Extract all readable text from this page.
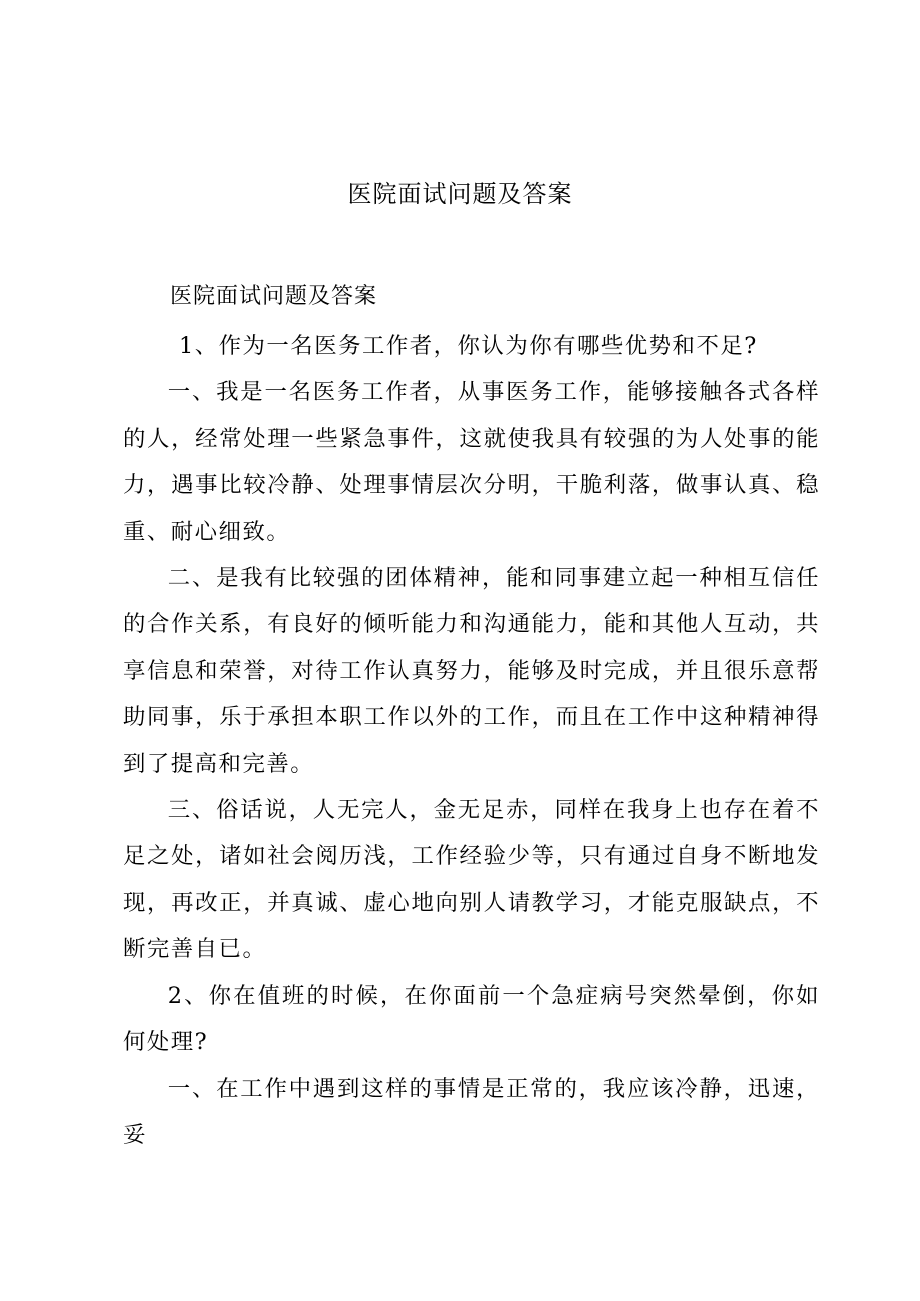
医院面试问题及答案
医院面试问题及答案

1、作为一名医务工作者，你认为你有哪些优势和不足?

一、我是一名医务工作者，从事医务工作，能够接触各式各样的人，经常处理一些紧急事件，这就使我具有较强的为人处事的能力，遇事比较冷静、处理事情层次分明，干脆利落，做事认真、稳重、耐心细致。

二、是我有比较强的团体精神，能和同事建立起一种相互信任的合作关系，有良好的倾听能力和沟通能力，能和其他人互动，共享信息和荣誉，对待工作认真努力，能够及时完成，并且很乐意帮助同事，乐于承担本职工作以外的工作，而且在工作中这种精神得到了提高和完善。

三、俗话说，人无完人，金无足赤，同样在我身上也存在着不足之处，诸如社会阅历浅，工作经验少等，只有通过自身不断地发现，再改正，并真诚、虚心地向别人请教学习，才能克服缺点，不断完善自已。

2、你在值班的时候，在你面前一个急症病号突然晕倒，你如何处理?

一、在工作中遇到这样的事情是正常的，我应该冷静，迅速，妥
